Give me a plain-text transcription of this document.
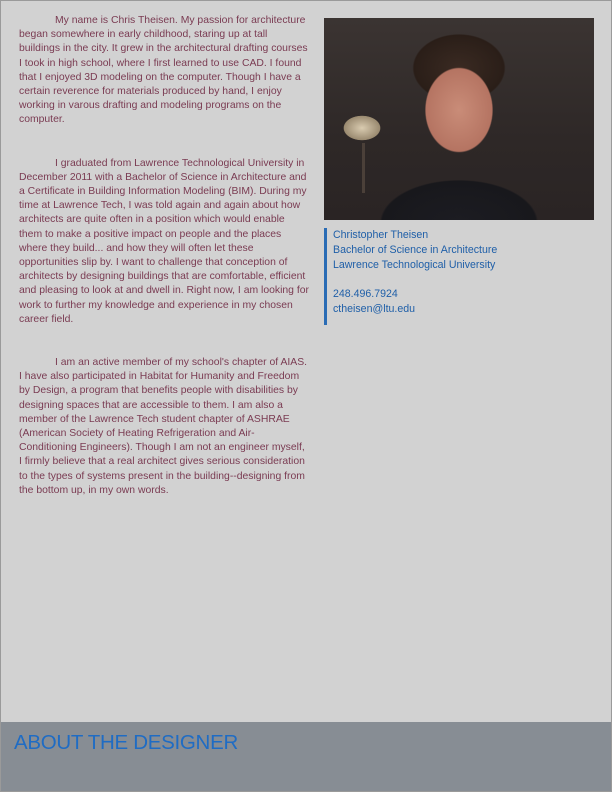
My name is Chris Theisen. My passion for architecture began somewhere in early childhood, staring up at tall buildings in the city. It grew in the architectural drafting courses I took in high school, where I first learned to use CAD. I found that I enjoyed 3D modeling on the computer. Though I have a certain reverence for materials produced by hand, I enjoy working in varous drafting and modeling programs on the computer.

I graduated from Lawrence Technological University in December 2011 with a Bachelor of Science in Architecture and a Certificate in Building Information Modeling (BIM). During my time at Lawrence Tech, I was told again and again about how architects are quite often in a position which would enable them to make a positive impact on people and the places where they build... and how they will often let these opportunities slip by. I want to challenge that conception of architects by designing buildings that are comfortable, efficient and pleasing to look at and dwell in. Right now, I am looking for work to further my knowledge and experience in my chosen career field.

I am an active member of my school's chapter of AIAS. I have also participated in Habitat for Humanity and Freedom by Design, a program that benefits people with disabilities by designing spaces that are accessible to them. I am also a member of the Lawrence Tech student chapter of ASHRAE (American Society of Heating Refrigeration and Air-Conditioning Engineers). Though I am not an engineer myself, I firmly believe that a real architect gives serious consideration to the types of systems present in the building--designing from the bottom up, in my own words.

Christopher Theisen
Bachelor of Science in Architecture
Lawrence Technological University
248.496.7924
ctheisen@ltu.edu
ABOUT THE DESIGNER
